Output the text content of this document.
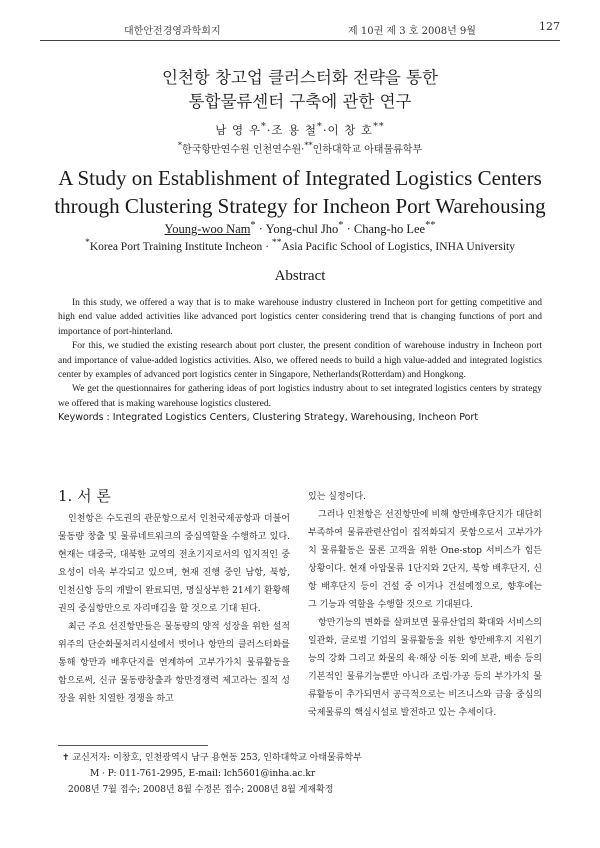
대한안전경영과학회지	제 10권 제 3 호 2008년 9월	127
인천항 창고업 클러스터화 전략을 통한
통합물류센터 구축에 관한 연구
남 영 우*·조 용 철*·이 창 호**
*한국항만연수원 인천연수원·**인하대학교 아태물류학부
A Study on Establishment of Integrated Logistics Centers
through Clustering Strategy for Incheon Port Warehousing
Young-woo Nam* · Yong-chul Jho* · Chang-ho Lee**
*Korea Port Training Institute Incheon · **Asia Pacific School of Logistics, INHA University
Abstract

In this study, we offered a way that is to make warehouse industry clustered in Incheon port for getting competitive and high end value added activities like advanced port logistics center considering trend that is changing functions of port and importance of port-hinterland.

For this, we studied the existing research about port cluster, the present condition of warehouse industry in Incheon port and importance of value-added logistics activities. Also, we offered needs to build a high value-added and integrated logistics center by examples of advanced port logistics center in Singapore, Netherlands(Rotterdam) and Hongkong.

We get the questionnaires for gathering ideas of port logistics industry about to set integrated logistics centers by strategy we offered that is making warehouse logistics clustered.

Keywords : Integrated Logistics Centers, Clustering Strategy, Warehousing, Incheon Port

1. 서 론

인천항은 수도권의 관문항으로서 인천국제공항과 더불어 물동량 창출 및 물류네트워크의 중심역할을 수행하고 있다. 현재는 대중국, 대북한 교역의 전초기지로서의 입지적인 중요성이 더욱 부각되고 있으며, 현재 진행 중인 남항, 북항, 인천신항 등의 개발이 완료되면, 명실상부한 21세기 환황해권의 중심항만으로 자리매김을 할 것으로 기대 된다.

최근 주요 선진항만들은 물동량의 양적 성장을 위한 설적 위주의 단순화물처리시설에서 벗어나 항만의 클러스터화를 통해 항만과 배후단지를 연계하여 고부가가치 물류활동을 함으로써, 신규 물동량창출과 항만경쟁력 제고라는 질적 성장을 위한 치열한 경쟁을 하고

있는 실정이다.

그러나 인천항은 선진항만에 비해 항만배후단지가 대단히 부족하여 물류관련산업이 집적화되지 못함으로서 고부가가치 물류활동은 물론 고객을 위한 One-stop 서비스가 힘든 상황이다. 현재 아암물류 1단지와 2단지, 북항 배후단지, 신항 배후단지 등이 건설 중 이거나 건설예정으로, 향후에는 그 기능과 역할을 수행할 것으로 기대된다.

항만기능의 변화를 살펴보면 물류산업의 확대와 서비스의 일관화, 글로벌 기업의 물류활동을 위한 항만배후지 지원기능의 강화 그리고 화물의 육·해상 이동 외에 보관, 배송 등의 기본적인 물류기능뿐만 아니라 조립·가공 등의 부가가치 물류활동이 추가되면서 공극적으로는 비즈니스와 금융 중심의 국제물류의 핵심시설로 발전하고 있는 추세이다.

✝ 교신저자: 이창호, 인천광역시 남구 용현동 253, 인하대학교 아태물류학부
M · P: 011-761-2995, E-mail: lch5601@inha.ac.kr
2008년 7월 접수; 2008년 8월 수정본 접수; 2008년 8월 게재확정
